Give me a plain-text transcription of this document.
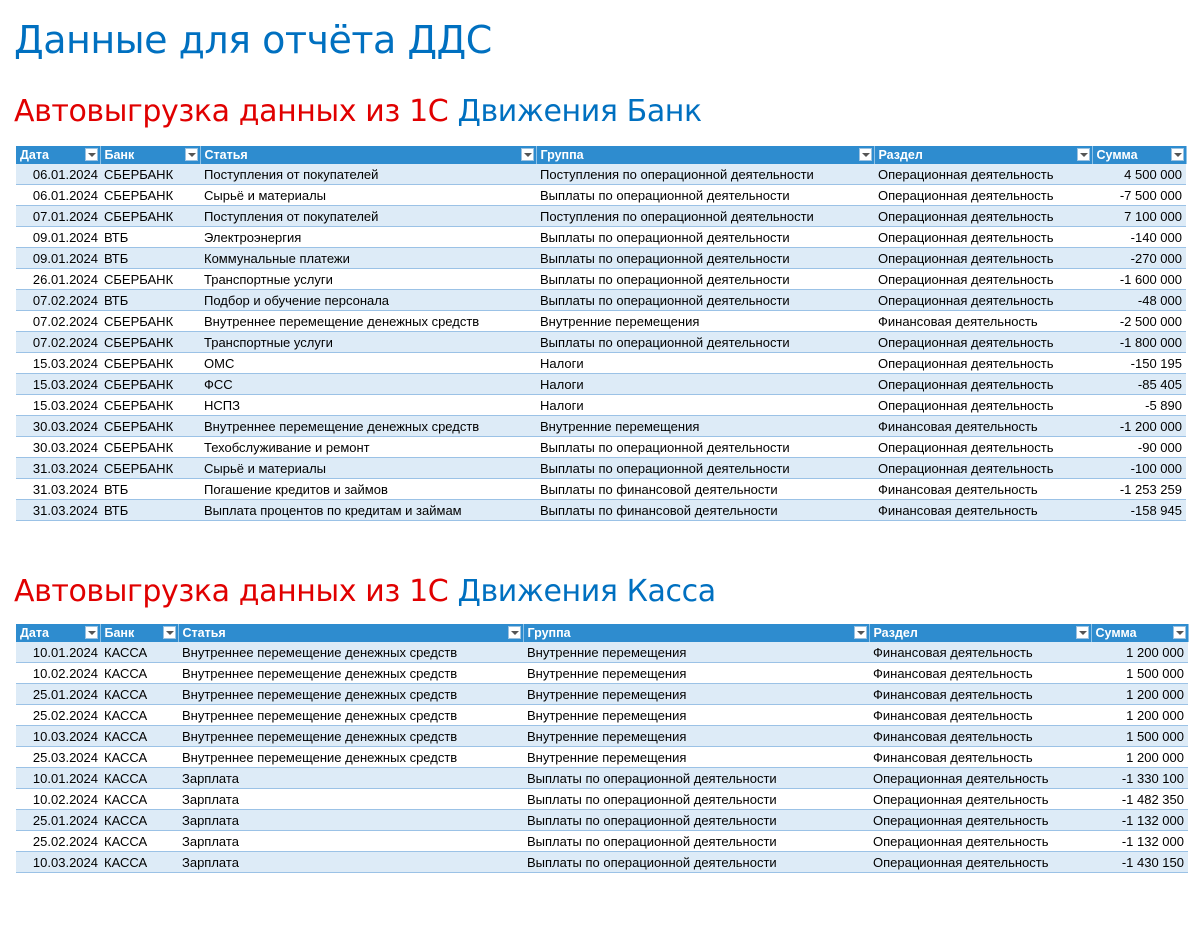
Данные для отчёта ДДС
Автовыгрузка данных из 1С Движения Банк
Дата	Банк	Статья	Группа	Раздел	Сумма

06.01.2024	СБЕРБАНК	Поступления от покупателей	Поступления по операционной деятельности	Операционная деятельность	4 500 000
06.01.2024	СБЕРБАНК	Сырьё и материалы	Выплаты по операционной деятельности	Операционная деятельность	-7 500 000
07.01.2024	СБЕРБАНК	Поступления от покупателей	Поступления по операционной деятельности	Операционная деятельность	7 100 000
09.01.2024	ВТБ	Электроэнергия	Выплаты по операционной деятельности	Операционная деятельность	-140 000
09.01.2024	ВТБ	Коммунальные платежи	Выплаты по операционной деятельности	Операционная деятельность	-270 000
26.01.2024	СБЕРБАНК	Транспортные услуги	Выплаты по операционной деятельности	Операционная деятельность	-1 600 000
07.02.2024	ВТБ	Подбор и обучение персонала	Выплаты по операционной деятельности	Операционная деятельность	-48 000
07.02.2024	СБЕРБАНК	Внутреннее перемещение денежных средств	Внутренние перемещения	Финансовая деятельность	-2 500 000
07.02.2024	СБЕРБАНК	Транспортные услуги	Выплаты по операционной деятельности	Операционная деятельность	-1 800 000
15.03.2024	СБЕРБАНК	ОМС	Налоги	Операционная деятельность	-150 195
15.03.2024	СБЕРБАНК	ФСС	Налоги	Операционная деятельность	-85 405
15.03.2024	СБЕРБАНК	НСПЗ	Налоги	Операционная деятельность	-5 890
30.03.2024	СБЕРБАНК	Внутреннее перемещение денежных средств	Внутренние перемещения	Финансовая деятельность	-1 200 000
30.03.2024	СБЕРБАНК	Техобслуживание и ремонт	Выплаты по операционной деятельности	Операционная деятельность	-90 000
31.03.2024	СБЕРБАНК	Сырьё и материалы	Выплаты по операционной деятельности	Операционная деятельность	-100 000
31.03.2024	ВТБ	Погашение кредитов и займов	Выплаты по финансовой деятельности	Финансовая деятельность	-1 253 259
31.03.2024	ВТБ	Выплата процентов по кредитам и займам	Выплаты по финансовой деятельности	Финансовая деятельность	-158 945
Автовыгрузка данных из 1С Движения Касса
Дата	Банк	Статья	Группа	Раздел	Сумма

10.01.2024	КАССА	Внутреннее перемещение денежных средств	Внутренние перемещения	Финансовая деятельность	1 200 000
10.02.2024	КАССА	Внутреннее перемещение денежных средств	Внутренние перемещения	Финансовая деятельность	1 500 000
25.01.2024	КАССА	Внутреннее перемещение денежных средств	Внутренние перемещения	Финансовая деятельность	1 200 000
25.02.2024	КАССА	Внутреннее перемещение денежных средств	Внутренние перемещения	Финансовая деятельность	1 200 000
10.03.2024	КАССА	Внутреннее перемещение денежных средств	Внутренние перемещения	Финансовая деятельность	1 500 000
25.03.2024	КАССА	Внутреннее перемещение денежных средств	Внутренние перемещения	Финансовая деятельность	1 200 000
10.01.2024	КАССА	Зарплата	Выплаты по операционной деятельности	Операционная деятельность	-1 330 100
10.02.2024	КАССА	Зарплата	Выплаты по операционной деятельности	Операционная деятельность	-1 482 350
25.01.2024	КАССА	Зарплата	Выплаты по операционной деятельности	Операционная деятельность	-1 132 000
25.02.2024	КАССА	Зарплата	Выплаты по операционной деятельности	Операционная деятельность	-1 132 000
10.03.2024	КАССА	Зарплата	Выплаты по операционной деятельности	Операционная деятельность	-1 430 150
